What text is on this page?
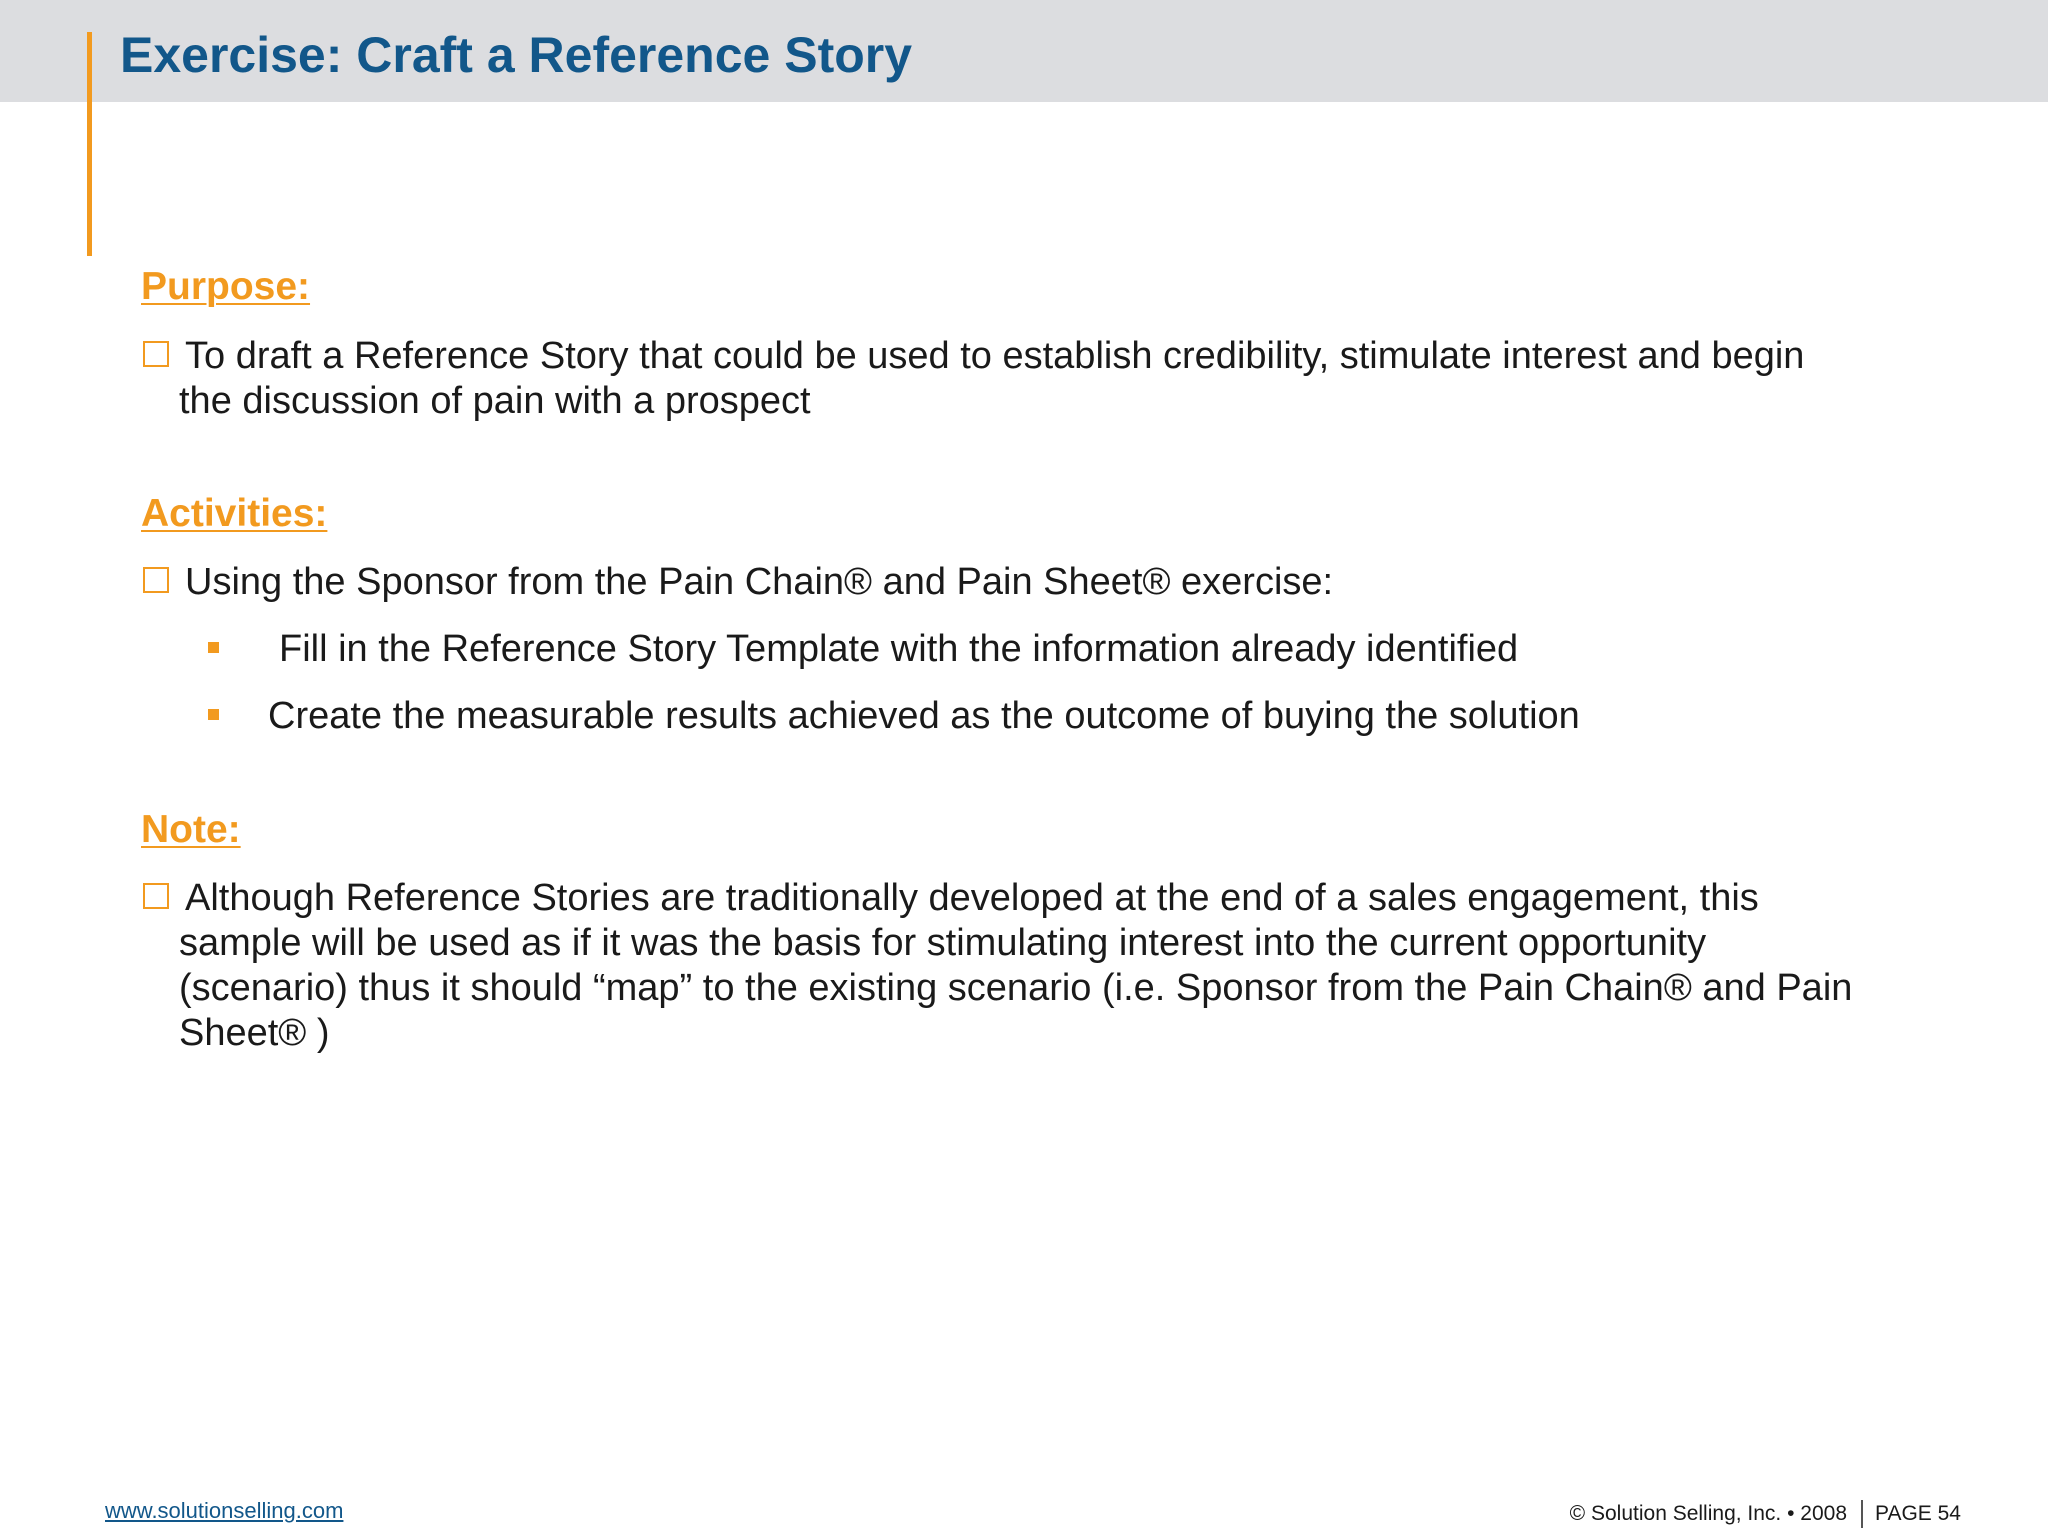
Exercise: Craft a Reference Story
Purpose:
To draft a Reference Story that could be used to establish credibility, stimulate interest and begin
the discussion of pain with a prospect
Activities:
Using the Sponsor from the Pain Chain® and Pain Sheet® exercise:
Fill in the Reference Story Template with the information already identified
Create the measurable results achieved as the outcome of buying the solution
Note:
Although Reference Stories are traditionally developed at the end of a sales engagement, this
sample will be used as if it was the basis for stimulating interest into the current opportunity
(scenario) thus it should “map” to the existing scenario (i.e. Sponsor from the Pain Chain® and Pain
Sheet® )
www.solutionselling.com	© Solution Selling, Inc. • 2008 PAGE 54
